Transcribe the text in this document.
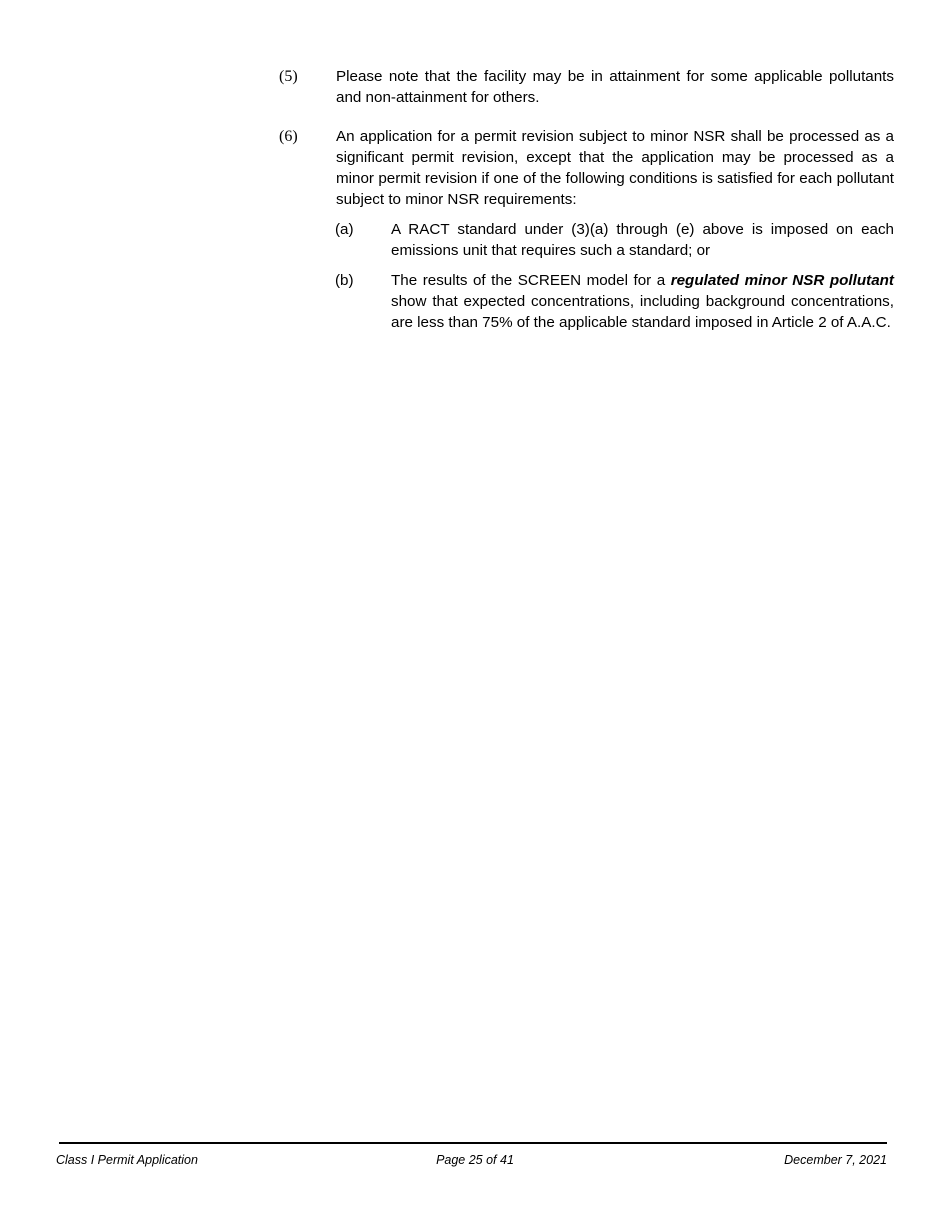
(5)	Please note that the facility may be in attainment for some applicable pollutants and non-attainment for others.
(6)	An application for a permit revision subject to minor NSR shall be processed as a significant permit revision, except that the application may be processed as a minor permit revision if one of the following conditions is satisfied for each pollutant subject to minor NSR requirements:
(a) A RACT standard under (3)(a) through (e) above is imposed on each emissions unit that requires such a standard; or
(b) The results of the SCREEN model for a regulated minor NSR pollutant show that expected concentrations, including background concentrations, are less than 75% of the applicable standard imposed in Article 2 of A.A.C.
Class I Permit Application	Page 25 of 41	December 7, 2021
